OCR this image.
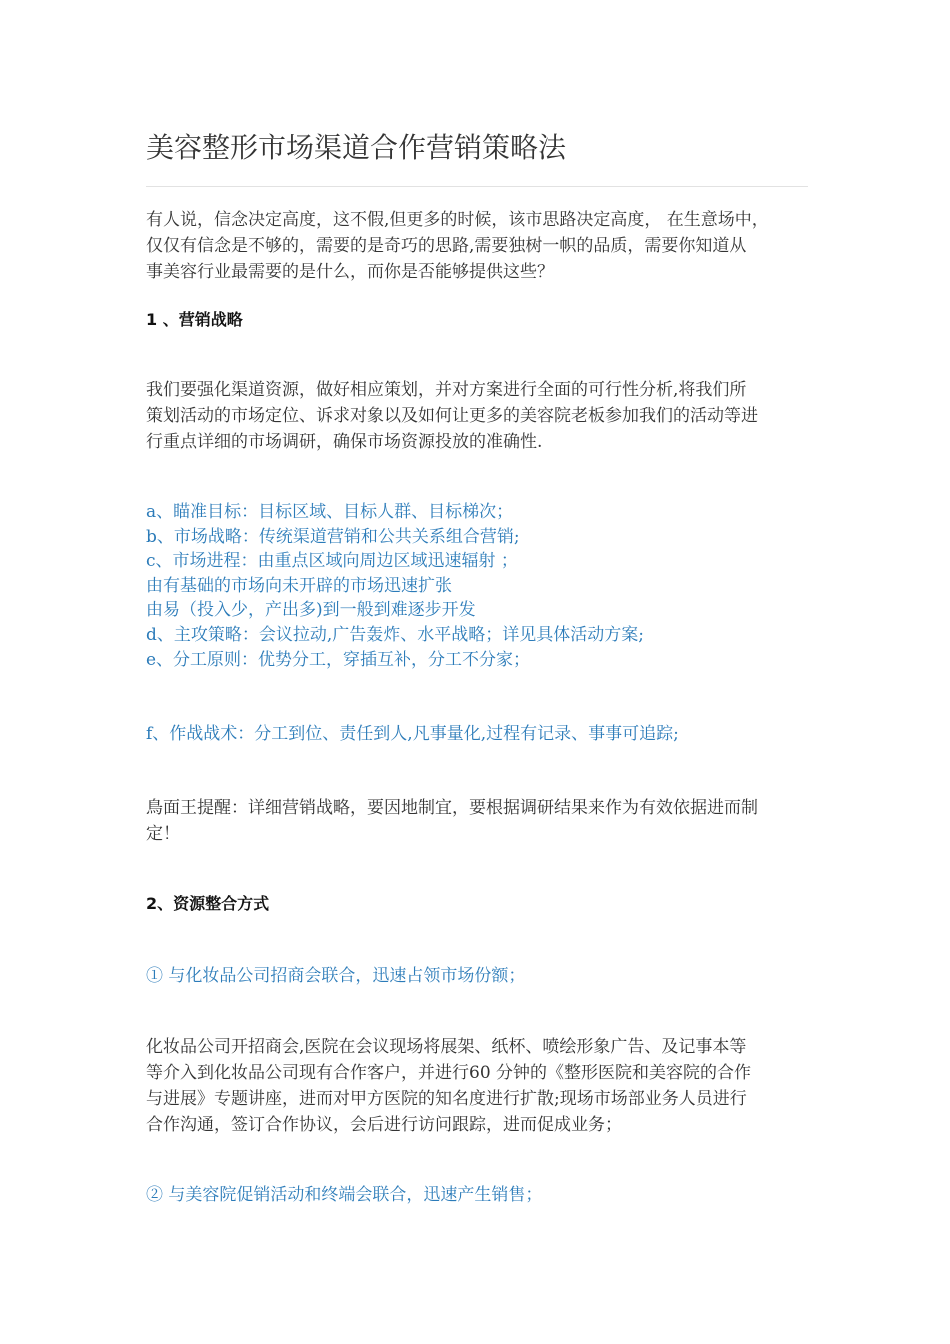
美容整形市场渠道合作营销策略法

有人说，信念决定高度，这不假,但更多的时候，该市思路决定高度， 在生意场中，
仅仅有信念是不够的，需要的是奇巧的思路,需要独树一帜的品质，需要你知道从
事美容行业最需要的是什么，而你是否能够提供这些？

1 、营销战略

我们要强化渠道资源，做好相应策划，并对方案进行全面的可行性分析,将我们所
策划活动的市场定位、诉求对象以及如何让更多的美容院老板参加我们的活动等进
行重点详细的市场调研，确保市场资源投放的准确性.

a、瞄准目标：目标区域、目标人群、目标梯次；
b、市场战略：传统渠道营销和公共关系组合营销;
c、市场进程：由重点区域向周边区域迅速辐射 ；
由有基础的市场向未开辟的市场迅速扩张
由易（投入少，产出多)到一般到难逐步开发
d、主攻策略：会议拉动,广告轰炸、水平战略；详见具体活动方案;
e、分工原则：优势分工，穿插互补，分工不分家；

f、作战战术：分工到位、责任到人,凡事量化,过程有记录、事事可追踪;

鳥面王提醒：详细营销战略，要因地制宜，要根据调研结果来作为有效依据进而制
定！

2、资源整合方式

① 与化妆品公司招商会联合，迅速占领市场份额；

化妆品公司开招商会,医院在会议现场将展架、纸杯、喷绘形象广告、及记事本等
等介入到化妆品公司现有合作客户，并进行60 分钟的《整形医院和美容院的合作
与进展》专题讲座，进而对甲方医院的知名度进行扩散;现场市场部业务人员进行
合作沟通，签订合作协议，会后进行访问跟踪，进而促成业务；

② 与美容院促销活动和终端会联合，迅速产生销售；
